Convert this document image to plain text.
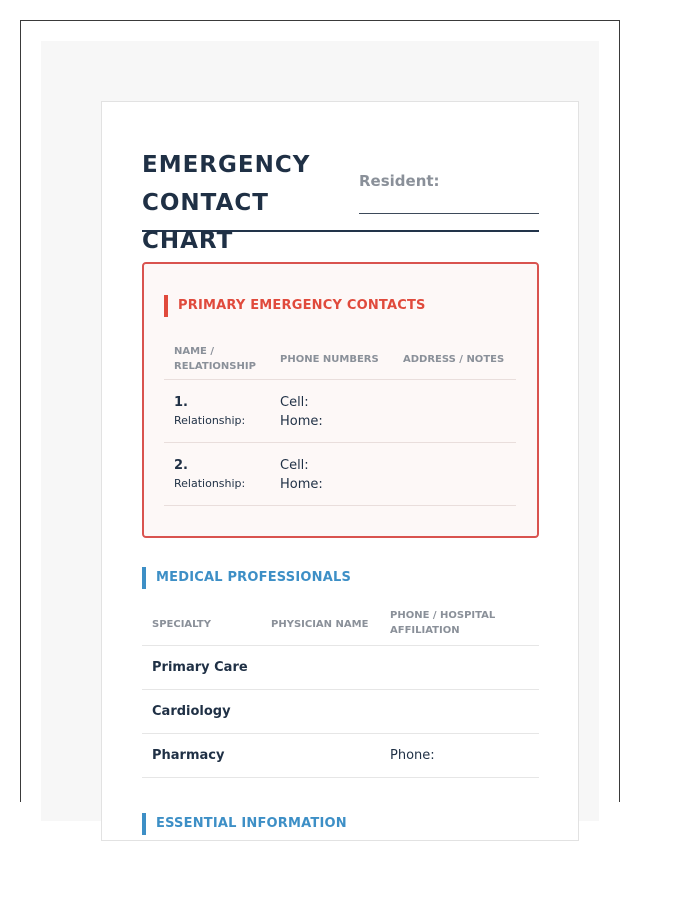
EMERGENCY CONTACT CHART
Resident:
PRIMARY EMERGENCY CONTACTS
NAME / RELATIONSHIP
PHONE NUMBERS ADDRESS / NOTES
1.
Relationship:
Cell:
Home:
2.
Relationship:
Cell:
Home:
MEDICAL PROFESSIONALS
SPECIALTY	PHYSICIAN NAME
PHONE / HOSPITAL AFFILIATION
Primary Care
Cardiology
Pharmacy	Phone:
ESSENTIAL INFORMATION
